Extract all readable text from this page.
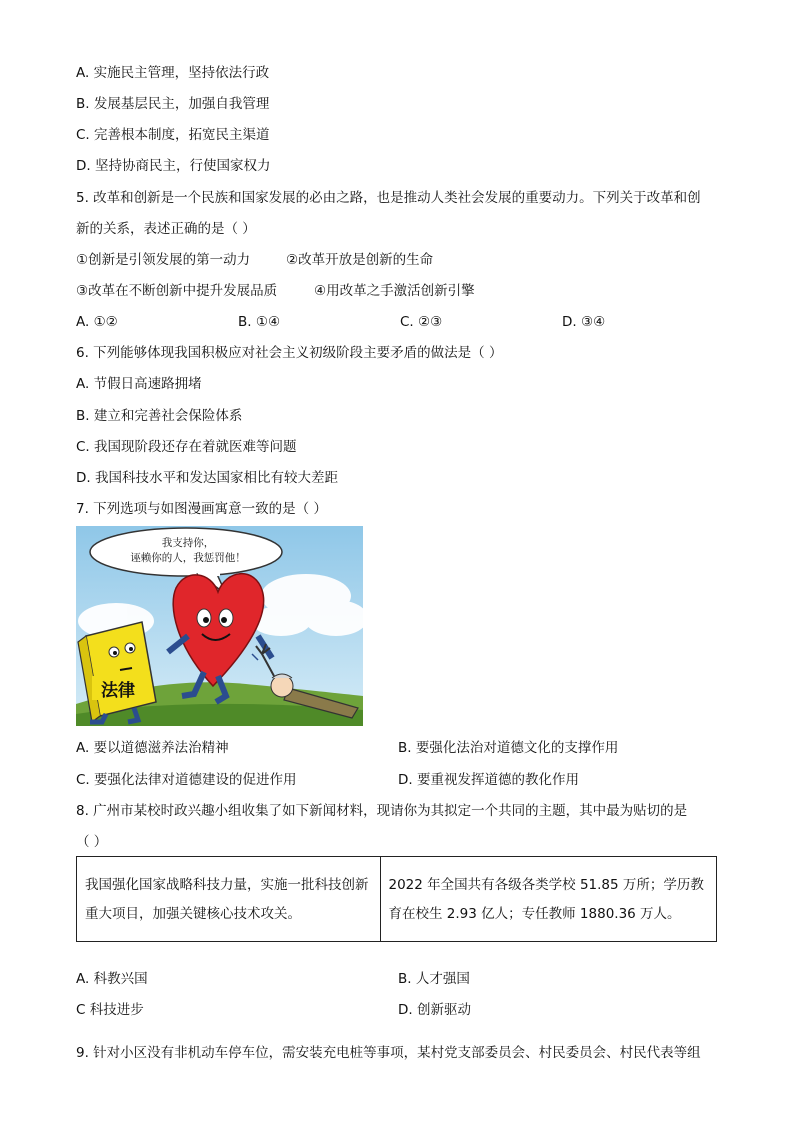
A. 实施民主管理，坚持依法行政
B. 发展基层民主，加强自我管理
C. 完善根本制度，拓宽民主渠道
D. 坚持协商民主，行使国家权力
5. 改革和创新是一个民族和国家发展的必由之路，也是推动人类社会发展的重要动力。下列关于改革和创
新的关系，表述正确的是（ ）
①创新是引领发展的第一动力	②改革开放是创新的生命
③改革在不断创新中提升发展品质	④用改革之手激活创新引擎
A. ①②	B. ①④	C. ②③	D. ③④
6. 下列能够体现我国积极应对社会主义初级阶段主要矛盾的做法是（ ）
A. 节假日高速路拥堵
B. 建立和完善社会保险体系
C. 我国现阶段还存在着就医难等问题
D. 我国科技水平和发达国家相比有较大差距
7. 下列选项与如图漫画寓意一致的是（ ）
我支持你，
诬赖你的人，我惩罚他！
法律
A. 要以道德滋养法治精神	B. 要强化法治对道德文化的支撑作用
C. 要强化法律对道德建设的促进作用	D. 要重视发挥道德的教化作用
8. 广州市某校时政兴趣小组收集了如下新闻材料，现请你为其拟定一个共同的主题，其中最为贴切的是
（ ）
我国强化国家战略科技力量，实施一批科技创新重大项目，加强关键核心技术攻关。	2022 年全国共有各级各类学校 51.85 万所；学历教育在校生 2.93 亿人；专任教师 1880.36 万人。
A. 科教兴国	B. 人才强国
C 科技进步	D. 创新驱动
9. 针对小区没有非机动车停车位，需安装充电桩等事项，某村党支部委员会、村民委员会、村民代表等组
